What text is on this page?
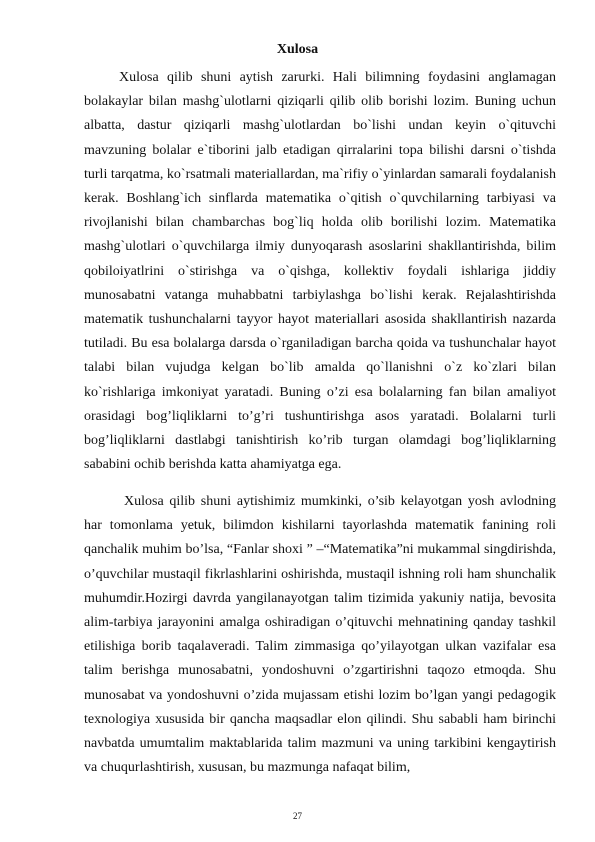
Xulosa

Xulosa qilib shuni aytish zarurki. Hali bilimning foydasini anglamagan bolakaylar bilan mashg`ulotlarni qiziqarli qilib olib borishi lozim. Buning uchun albatta, dastur qiziqarli mashg`ulotlardan bo`lishi undan keyin o`qituvchi mavzuning bolalar e`tiborini jalb etadigan qirralarini topa bilishi darsni o`tishda turli tarqatma, ko`rsatmali materiallardan, ma`rifiy o`yinlardan samarali foydalanish kerak. Boshlang`ich sinflarda matematika o`qitish o`quvchilarning tarbiyasi va rivojlanishi bilan chambarchas bog`liq holda olib borilishi lozim. Matematika mashg`ulotlari o`quvchilarga ilmiy dunyoqarash asoslarini shakllantirishda, bilim qobiloiyatlrini o`stirishga va o`qishga, kollektiv foydali ishlariga jiddiy munosabatni vatanga muhabbatni tarbiylashga bo`lishi kerak. Rejalashtirishda matematik tushunchalarni tayyor hayot materiallari asosida shakllantirish nazarda tutiladi. Bu esa bolalarga darsda o`rganiladigan barcha qoida va tushunchalar hayot talabi bilan vujudga kelgan bo`lib amalda qo`llanishni o`z ko`zlari bilan ko`rishlariga imkoniyat yaratadi. Buning o’zi esa bolalarning fan bilan amaliyot orasidagi bog’liqliklarni to’g’ri tushuntirishga asos yaratadi. Bolalarni turli bog’liqliklarni dastlabgi tanishtirish ko’rib turgan olamdagi bog’liqliklarning sababini ochib berishda katta ahamiyatga ega.

Xulosa qilib shuni aytishimiz mumkinki, o’sib kelayotgan yosh avlodning har tomonlama yetuk, bilimdon kishilarni tayorlashda matematik fanining roli qanchalik muhim bo’lsa, “Fanlar shoxi ” –“Matematika”ni mukammal singdirishda, o’quvchilar mustaqil fikrlashlarini oshirishda, mustaqil ishning roli ham shunchalik muhumdir.Hozirgi davrda yangilanayotgan talim tizimida yakuniy natija, bevosita alim-tarbiya jarayonini amalga oshiradigan o’qituvchi mehnatining qanday tashkil etilishiga borib taqalaveradi. Talim zimmasiga qo’yilayotgan ulkan vazifalar esa talim berishga munosabatni, yondoshuvni o’zgartirishni taqozo etmoqda. Shu munosabat va yondoshuvni o’zida mujassam etishi lozim bo’lgan yangi pedagogik texnologiya xususida bir qancha maqsadlar elon qilindi. Shu sababli ham birinchi navbatda umumtalim maktablarida talim mazmuni va uning tarkibini kengaytirish va chuqurlashtirish, xususan, bu mazmunga nafaqat bilim,

27
